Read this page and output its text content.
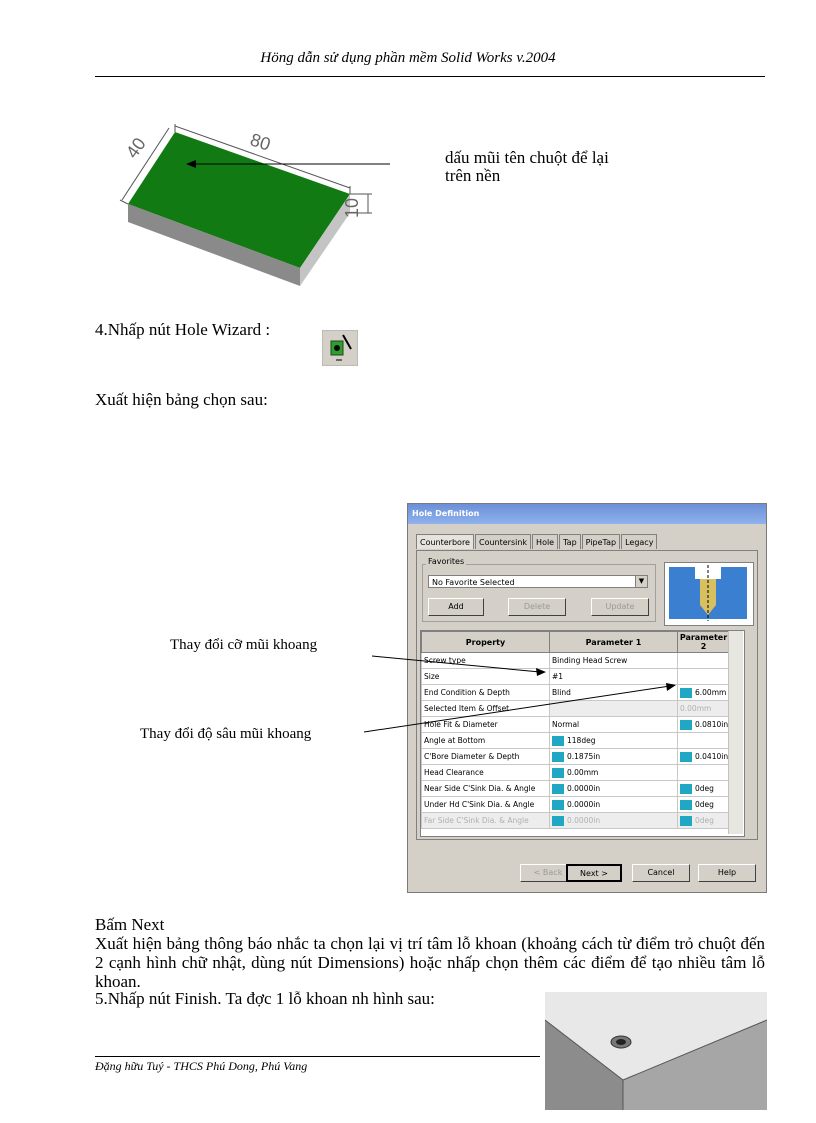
Höng dẫn sử dụng phần mềm Solid Works v.2004
40	80
10
dấu mũi tên chuột để lại
trên nền
4.Nhấp nút Hole Wizard :
Xuất hiện bảng chọn sau:
Thay đổi cỡ mũi khoang
Thay đổi độ sâu mũi khoang
Hole Definition
Counterbore	Countersink	Hole	Tap	PipeTap	Legacy
Favorites
No Favorite Selected	▼
Add	Delete	Update
Property	Parameter 1	Parameter 2
Screw type	Binding Head Screw	
Size	#1	
End Condition & Depth	Blind	6.00mm
Selected Item & Offset		0.00mm
Hole Fit & Diameter	Normal	0.0810in
Angle at Bottom	118deg	
C'Bore Diameter & Depth	0.1875in	0.0410in
Head Clearance	0.00mm	
Near Side C'Sink Dia. & Angle	0.0000in	0deg
Under Hd C'Sink Dia. & Angle	0.0000in	0deg
Far Side C'Sink Dia. & Angle	0.0000in	0deg
< Back	Next >	Cancel	Help
Bấm Next
Xuất hiện bảng thông báo nhắc ta chọn lại vị trí tâm lỗ khoan (khoảng cách từ điểm trỏ chuột đến 2 cạnh hình chữ nhật, dùng nút Dimensions) hoặc nhấp chọn thêm các điểm để tạo nhiều tâm lỗ khoan.
5.Nhấp nút Finish. Ta đợc 1 lỗ khoan nh hình sau:
Đặng hữu Tuý - THCS Phú Dong, Phú Vang
